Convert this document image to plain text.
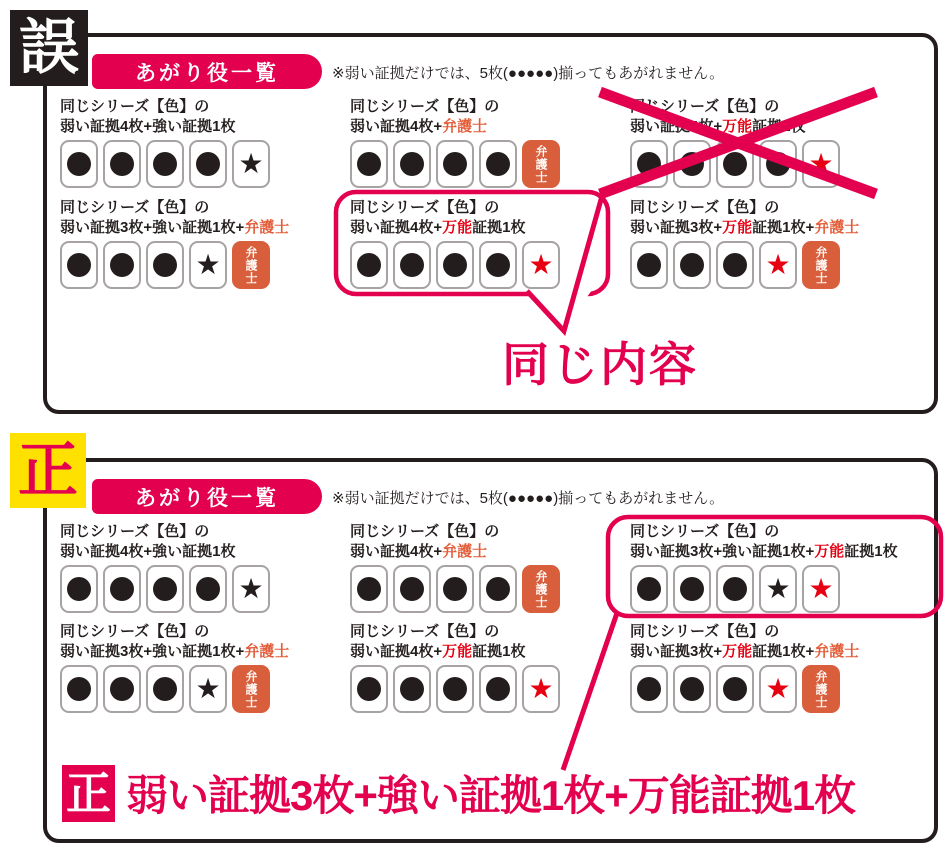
あがり役一覧	※弱い証拠だけでは、5枚(●●●●●)揃ってもあがれません。
誤
あがり役一覧	※弱い証拠だけでは、5枚(●●●●●)揃ってもあがれません。
正
同じシリーズ【色】の
弱い証拠4枚+強い証拠1枚
★
同じシリーズ【色】の
弱い証拠4枚+弁護士
弁護士
同じシリーズ【色】の
弱い証拠4枚+万能証拠1枚
★
同じシリーズ【色】の
弱い証拠3枚+強い証拠1枚+弁護士
★	弁護士
同じシリーズ【色】の
弱い証拠4枚+万能証拠1枚
★
同じシリーズ【色】の
弱い証拠3枚+万能証拠1枚+弁護士
★	弁護士
同じシリーズ【色】の
弱い証拠4枚+強い証拠1枚
★
同じシリーズ【色】の
弱い証拠4枚+弁護士
弁護士
同じシリーズ【色】の
弱い証拠3枚+強い証拠1枚+万能証拠1枚
★ ★
同じシリーズ【色】の
弱い証拠3枚+強い証拠1枚+弁護士
★	弁護士
同じシリーズ【色】の
弱い証拠4枚+万能証拠1枚
★
同じシリーズ【色】の
弱い証拠3枚+万能証拠1枚+弁護士
★	弁護士
同じ内容
正 弱い証拠3枚+強い証拠1枚+万能証拠1枚
